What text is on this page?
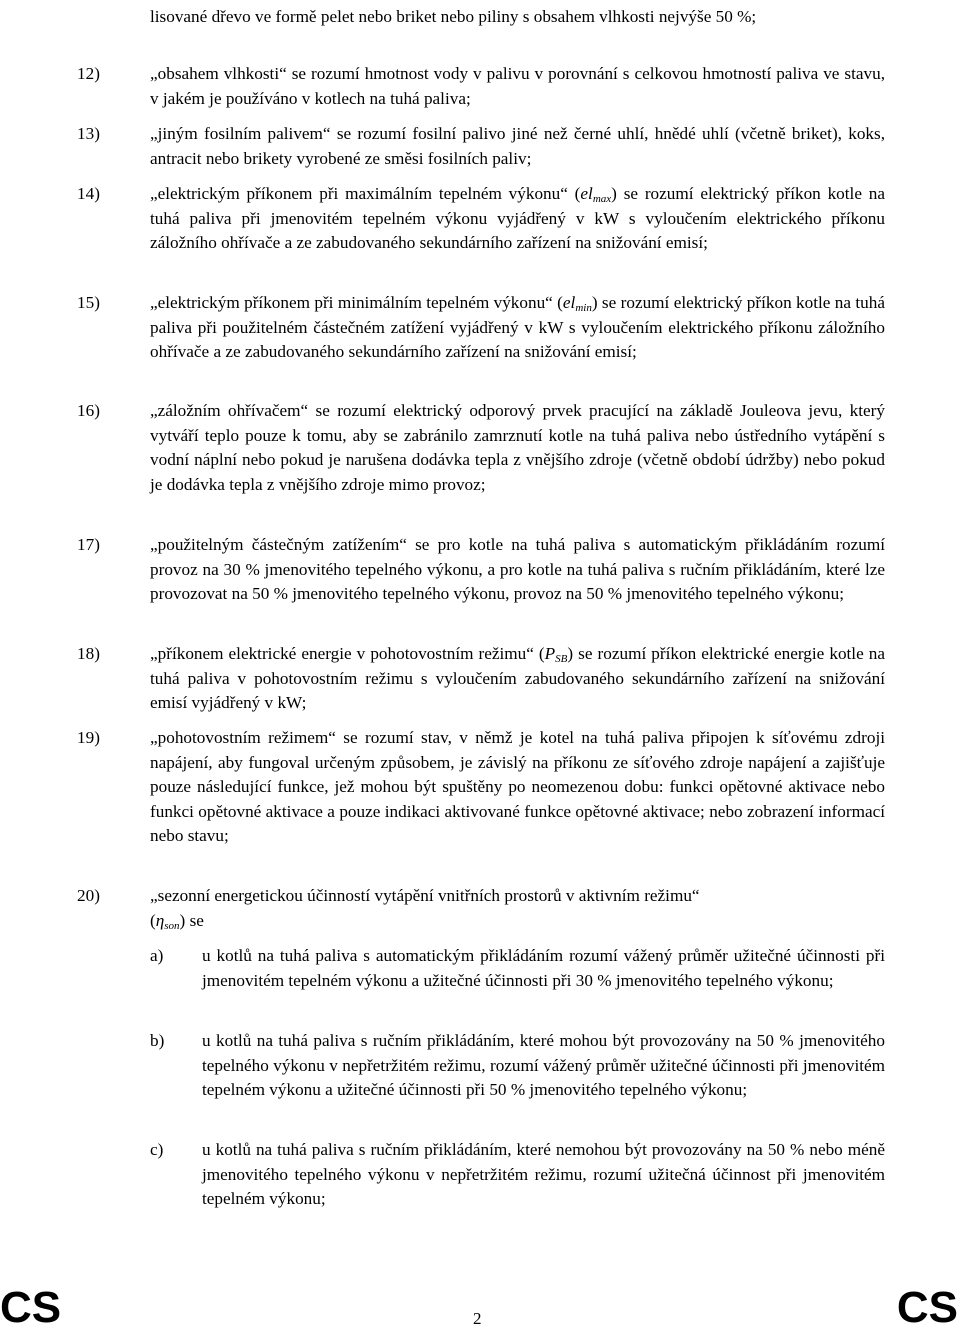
lisované dřevo ve formě pelet nebo briket nebo piliny s obsahem vlhkosti nejvýše 50 %;
12)	„obsahem vlhkosti“ se rozumí hmotnost vody v palivu v porovnání s celkovou hmotností paliva ve stavu, v jakém je používáno v kotlech na tuhá paliva;
13)	„jiným fosilním palivem“ se rozumí fosilní palivo jiné než černé uhlí, hnědé uhlí (včetně briket), koks, antracit nebo brikety vyrobené ze směsi fosilních paliv;
14)	„elektrickým příkonem při maximálním tepelném výkonu“ $(el_{max})$ se rozumí elektrický příkon kotle na tuhá paliva při jmenovitém tepelném výkonu vyjádřený v kW s vyloučením elektrického příkonu záložního ohřívače a ze zabudovaného sekundárního zařízení na snižování emisí;
15)	„elektrickým příkonem při minimálním tepelném výkonu“ $(el_{min})$ se rozumí elektrický příkon kotle na tuhá paliva při použitelném částečném zatížení vyjádřený v kW s vyloučením elektrického příkonu záložního ohřívače a ze zabudovaného sekundárního zařízení na snižování emisí;
16)	„záložním ohřívačem“ se rozumí elektrický odporový prvek pracující na základě Jouleova jevu, který vytváří teplo pouze k tomu, aby se zabránilo zamrznutí kotle na tuhá paliva nebo ústředního vytápění s vodní náplní nebo pokud je narušena dodávka tepla z vnějšího zdroje (včetně období údržby) nebo pokud je dodávka tepla z vnějšího zdroje mimo provoz;
17)	„použitelným částečným zatížením“ se pro kotle na tuhá paliva s automatickým přikládáním rozumí provoz na 30 % jmenovitého tepelného výkonu, a pro kotle na tuhá paliva s ručním přikládáním, které lze provozovat na 50 % jmenovitého tepelného výkonu, provoz na 50 % jmenovitého tepelného výkonu;
18)	„příkonem elektrické energie v pohotovostním režimu“ $(P_{SB})$ se rozumí příkon elektrické energie kotle na tuhá paliva v pohotovostním režimu s vyloučením zabudovaného sekundárního zařízení na snižování emisí vyjádřený v kW;
19)	„pohotovostním režimem“ se rozumí stav, v němž je kotel na tuhá paliva připojen k síťovému zdroji napájení, aby fungoval určeným způsobem, je závislý na příkonu ze síťového zdroje napájení a zajišťuje pouze následující funkce, jež mohou být spuštěny po neomezenou dobu: funkci opětovné aktivace nebo funkci opětovné aktivace a pouze indikaci aktivované funkce opětovné aktivace; nebo zobrazení informací nebo stavu;
20)	„sezonní energetickou účinností vytápění vnitřních prostorů v aktivním režimu“
$(\eta_{son})$ se
a)	u kotlů na tuhá paliva s automatickým přikládáním rozumí vážený průměr užitečné účinnosti při jmenovitém tepelném výkonu a užitečné účinnosti při 30 % jmenovitého tepelného výkonu;
b)	u kotlů na tuhá paliva s ručním přikládáním, které mohou být provozovány na 50 % jmenovitého tepelného výkonu v nepřetržitém režimu, rozumí vážený průměr užitečné účinnosti při jmenovitém tepelném výkonu a užitečné účinnosti při 50 % jmenovitého tepelného výkonu;
c)	u kotlů na tuhá paliva s ručním přikládáním, které nemohou být provozovány na 50 % nebo méně jmenovitého tepelného výkonu v nepřetržitém režimu, rozumí užitečná účinnost při jmenovitém tepelném výkonu;
CS	2	CS
